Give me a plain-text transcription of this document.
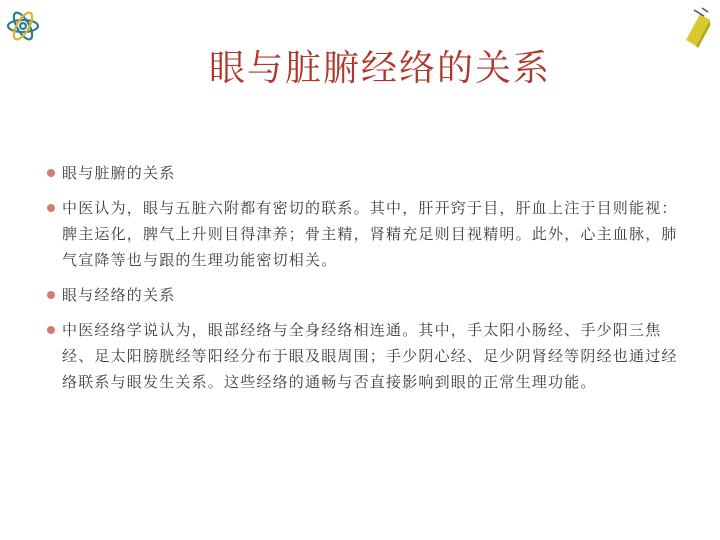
眼与脏腑经络的关系
眼与脏腑的关系
中医认为，眼与五脏六附都有密切的联系。其中，肝开窍于目，肝血上注于目则能视：脾主运化，脾气上升则目得津养；骨主精，肾精充足则目视精明。此外，心主血脉，肺气宣降等也与跟的生理功能密切相关。
眼与经络的关系
中医经络学说认为，眼部经络与全身经络相连通。其中，手太阳小肠经、手少阳三焦经、足太阳膀胱经等阳经分布于眼及眼周围；手少阴心经、足少阴肾经等阴经也通过经络联系与眼发生关系。这些经络的通畅与否直接影响到眼的正常生理功能。
